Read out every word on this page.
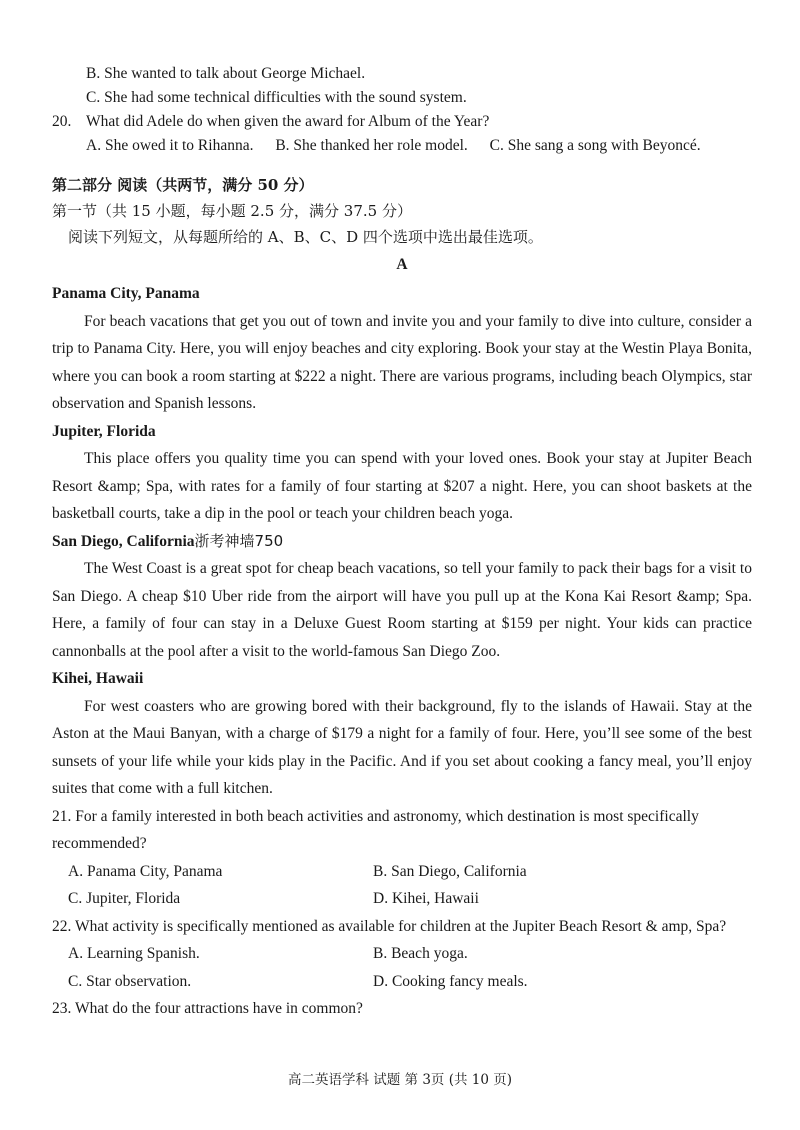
B. She wanted to talk about George Michael.
C. She had some technical difficulties with the sound system.
20. What did Adele do when given the award for Album of the Year?
A. She owed it to Rihanna. B. She thanked her role model. C. She sang a song with Beyoncé.
第二部分 阅读（共两节，满分 50 分）
第一节（共 15 小题，每小题 2.5 分，满分 37.5 分）
阅读下列短文，从每题所给的 A、B、C、D 四个选项中选出最佳选项。
A
Panama City, Panama
For beach vacations that get you out of town and invite you and your family to dive into culture, consider a trip to Panama City. Here, you will enjoy beaches and city exploring. Book your stay at the Westin Playa Bonita, where you can book a room starting at $222 a night. There are various programs, including beach Olympics, star observation and Spanish lessons.
Jupiter, Florida
This place offers you quality time you can spend with your loved ones. Book your stay at Jupiter Beach Resort &amp; Spa, with rates for a family of four starting at $207 a night. Here, you can shoot baskets at the basketball courts, take a dip in the pool or teach your children beach yoga.
San Diego, California浙考神墙750
The West Coast is a great spot for cheap beach vacations, so tell your family to pack their bags for a visit to San Diego. A cheap $10 Uber ride from the airport will have you pull up at the Kona Kai Resort &amp; Spa. Here, a family of four can stay in a Deluxe Guest Room starting at $159 per night. Your kids can practice cannonballs at the pool after a visit to the world-famous San Diego Zoo.
Kihei, Hawaii
For west coasters who are growing bored with their background, fly to the islands of Hawaii. Stay at the Aston at the Maui Banyan, with a charge of $179 a night for a family of four. Here, you’ll see some of the best sunsets of your life while your kids play in the Pacific. And if you set about cooking a fancy meal, you’ll enjoy suites that come with a full kitchen.
21. For a family interested in both beach activities and astronomy, which destination is most specifically recommended?
A. Panama City, Panama	B. San Diego, California
C. Jupiter, Florida	D. Kihei, Hawaii
22. What activity is specifically mentioned as available for children at the Jupiter Beach Resort & amp, Spa?
A. Learning Spanish.	B. Beach yoga.
C. Star observation.	D. Cooking fancy meals.
23. What do the four attractions have in common?
高二英语学科 试题 第 3页 (共 10 页)
